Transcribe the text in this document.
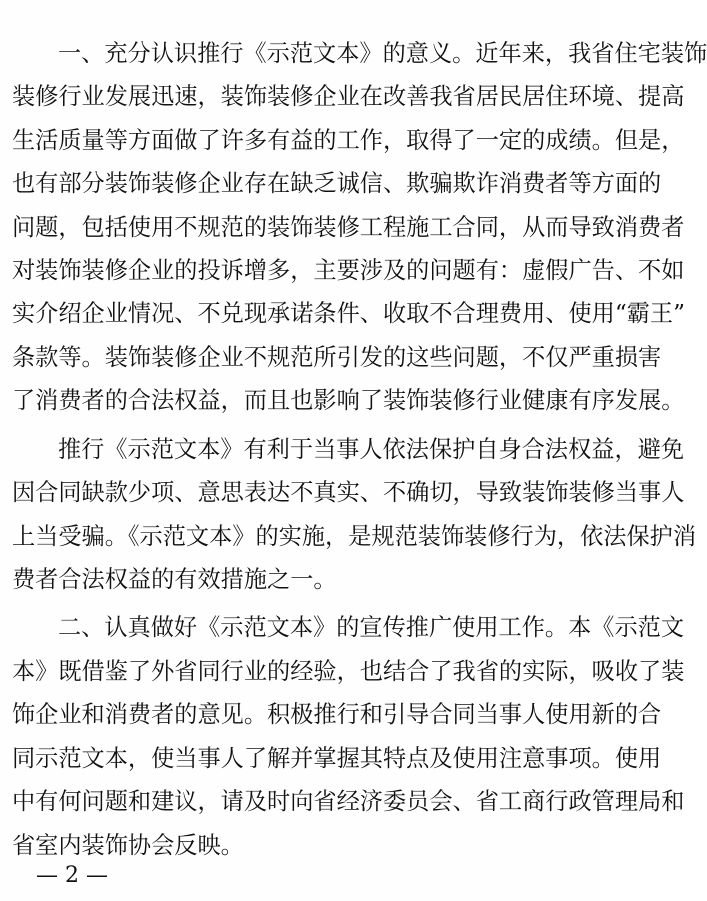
一、充分认识推行《示范文本》的意义。近年来，我省住宅装饰
装修行业发展迅速，装饰装修企业在改善我省居民居住环境、提高
生活质量等方面做了许多有益的工作，取得了一定的成绩。但是，
也有部分装饰装修企业存在缺乏诚信、欺骗欺诈消费者等方面的
问题，包括使用不规范的装饰装修工程施工合同，从而导致消费者
对装饰装修企业的投诉增多，主要涉及的问题有：虚假广告、不如
实介绍企业情况、不兑现承诺条件、收取不合理费用、使用“霸王”
条款等。装饰装修企业不规范所引发的这些问题，不仅严重损害
了消费者的合法权益，而且也影响了装饰装修行业健康有序发展。
推行《示范文本》有利于当事人依法保护自身合法权益，避免
因合同缺款少项、意思表达不真实、不确切，导致装饰装修当事人
上当受骗。《示范文本》的实施，是规范装饰装修行为，依法保护消
费者合法权益的有效措施之一。
二、认真做好《示范文本》的宣传推广使用工作。本《示范文
本》既借鉴了外省同行业的经验，也结合了我省的实际，吸收了装
饰企业和消费者的意见。积极推行和引导合同当事人使用新的合
同示范文本，使当事人了解并掌握其特点及使用注意事项。使用
中有何问题和建议，请及时向省经济委员会、省工商行政管理局和
省室内装饰协会反映。
— 2 —
